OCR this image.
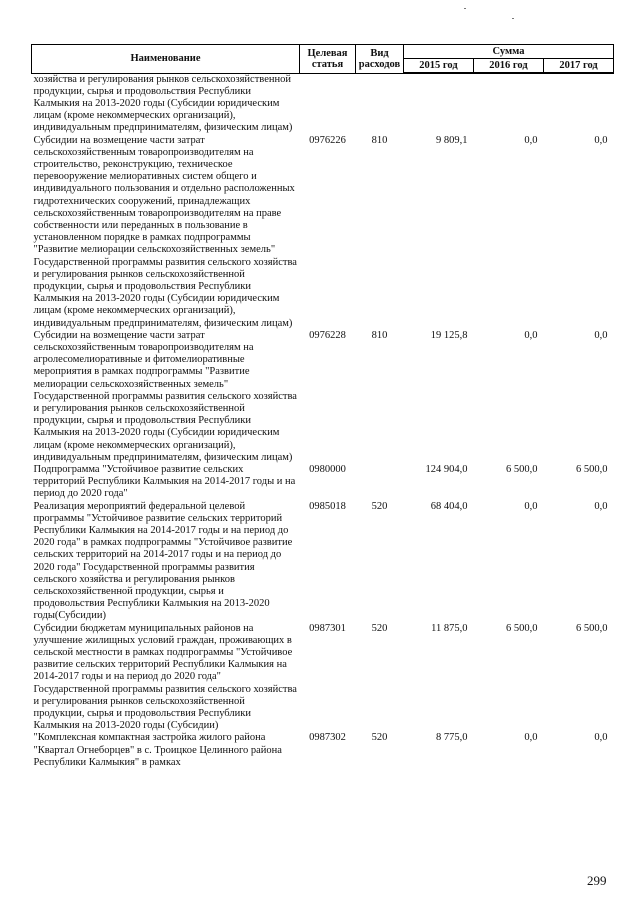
Наименование	Целевая статья	Вид расходов	Сумма		
			2015 год	2016 год	2017 год
хозяйства и регулирования рынков сельскохозяйственной продукции, сырья и продовольствия Республики Калмыкия на 2013-2020 годы (Субсидии юридическим лицам (кроме некоммерческих организаций), индивидуальным предпринимателям, физическим лицам)					
Субсидии на возмещение части затрат сельскохозяйственным товаропроизводителям на строительство, реконструкцию, техническое перевооружение мелиоративных систем общего и индивидуального пользования и отдельно расположенных гидротехнических сооружений, принадлежащих сельскохозяйственным товаропроизводителям на праве собственности или переданных в пользование в установленном порядке в рамках подпрограммы "Развитие мелиорации сельскохозяйственных земель" Государственной программы развития сельского хозяйства и регулирования рынков сельскохозяйственной продукции, сырья и продовольствия Республики Калмыкия на 2013-2020 годы (Субсидии юридическим лицам (кроме некоммерческих организаций), индивидуальным предпринимателям, физическим лицам)	0976226	810	9 809,1	0,0	0,0
Субсидии на возмещение части затрат сельскохозяйственным товаропроизводителям на агролесомелиоративные и фитомелиоративные мероприятия в рамках подпрограммы "Развитие мелиорации сельскохозяйственных земель" Государственной программы развития сельского хозяйства и регулирования рынков сельскохозяйственной продукции, сырья и продовольствия Республики Калмыкия на 2013-2020 годы (Субсидии юридическим лицам (кроме некоммерческих организаций), индивидуальным предпринимателям, физическим лицам)	0976228	810	19 125,8	0,0	0,0
Подпрограмма "Устойчивое развитие сельских территорий Республики Калмыкия на 2014-2017 годы и на период до 2020 года"	0980000		124 904,0	6 500,0	6 500,0
Реализация мероприятий федеральной целевой программы "Устойчивое развитие сельских территорий Республики Калмыкия на 2014-2017 годы и на период до 2020 года" в рамках подпрограммы "Устойчивое развитие сельских территорий на 2014-2017 годы и на период до 2020 года" Государственной программы развития сельского хозяйства и регулирования рынков сельскохозяйственной продукции, сырья и продовольствия Республики Калмыкия на 2013-2020 годы(Субсидии)	0985018	520	68 404,0	0,0	0,0
Субсидии бюджетам муниципальных районов на улучшение жилищных условий граждан, проживающих в сельской местности в рамках подпрограммы "Устойчивое развитие сельских территорий Республики Калмыкия на 2014-2017 годы и на период до 2020 года" Государственной программы развития сельского хозяйства и регулирования рынков сельскохозяйственной продукции, сырья и продовольствия Республики Калмыкия на 2013-2020 годы (Субсидии)	0987301	520	11 875,0	6 500,0	6 500,0
"Комплексная компактная застройка жилого района "Квартал Огнеборцев" в с. Троицкое Целинного района Республики Калмыкия" в рамках	0987302	520	8 775,0	0,0	0,0
299
